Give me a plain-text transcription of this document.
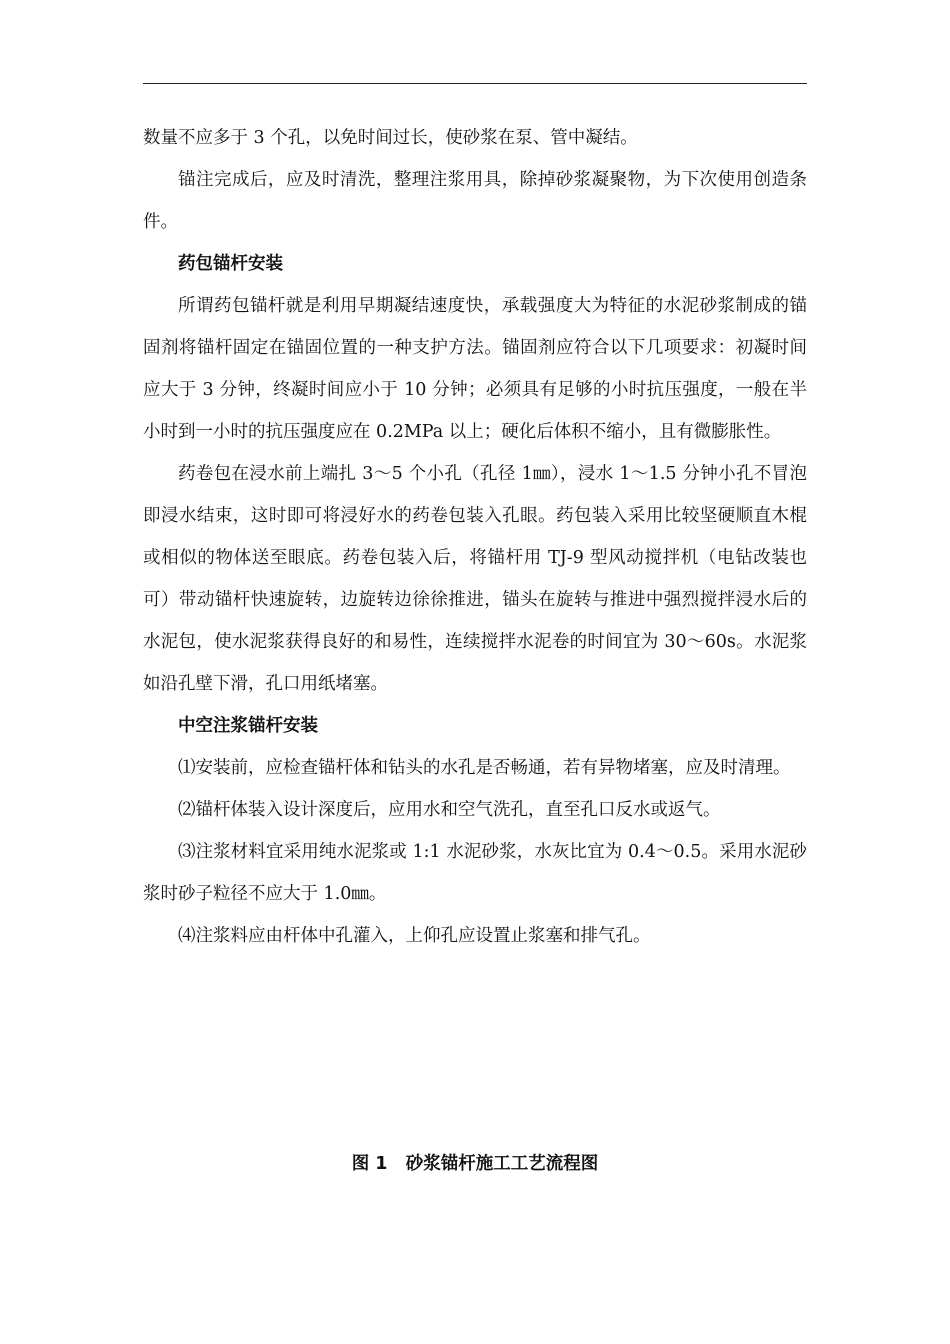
数量不应多于 3 个孔，以免时间过长，使砂浆在泵、管中凝结。

锚注完成后，应及时清洗，整理注浆用具，除掉砂浆凝聚物，为下次使用创造条件。

药包锚杆安装

所谓药包锚杆就是利用早期凝结速度快，承载强度大为特征的水泥砂浆制成的锚固剂将锚杆固定在锚固位置的一种支护方法。锚固剂应符合以下几项要求：初凝时间应大于 3 分钟，终凝时间应小于 10 分钟；必须具有足够的小时抗压强度，一般在半小时到一小时的抗压强度应在 0.2MPa 以上；硬化后体积不缩小，且有微膨胀性。

药卷包在浸水前上端扎 3～5 个小孔（孔径 1㎜），浸水 1～1.5 分钟小孔不冒泡即浸水结束，这时即可将浸好水的药卷包装入孔眼。药包装入采用比较坚硬顺直木棍或相似的物体送至眼底。药卷包装入后，将锚杆用 TJ-9 型风动搅拌机（电钻改装也可）带动锚杆快速旋转，边旋转边徐徐推进，锚头在旋转与推进中强烈搅拌浸水后的水泥包，使水泥浆获得良好的和易性，连续搅拌水泥卷的时间宜为 30～60s。水泥浆如沿孔壁下滑，孔口用纸堵塞。

中空注浆锚杆安装

⑴安装前，应检查锚杆体和钻头的水孔是否畅通，若有异物堵塞，应及时清理。

⑵锚杆体装入设计深度后，应用水和空气洗孔，直至孔口反水或返气。

⑶注浆材料宜采用纯水泥浆或 1:1 水泥砂浆，水灰比宜为 0.4～0.5。采用水泥砂浆时砂子粒径不应大于 1.0㎜。

⑷注浆料应由杆体中孔灌入，上仰孔应设置止浆塞和排气孔。

图 1 砂浆锚杆施工工艺流程图
